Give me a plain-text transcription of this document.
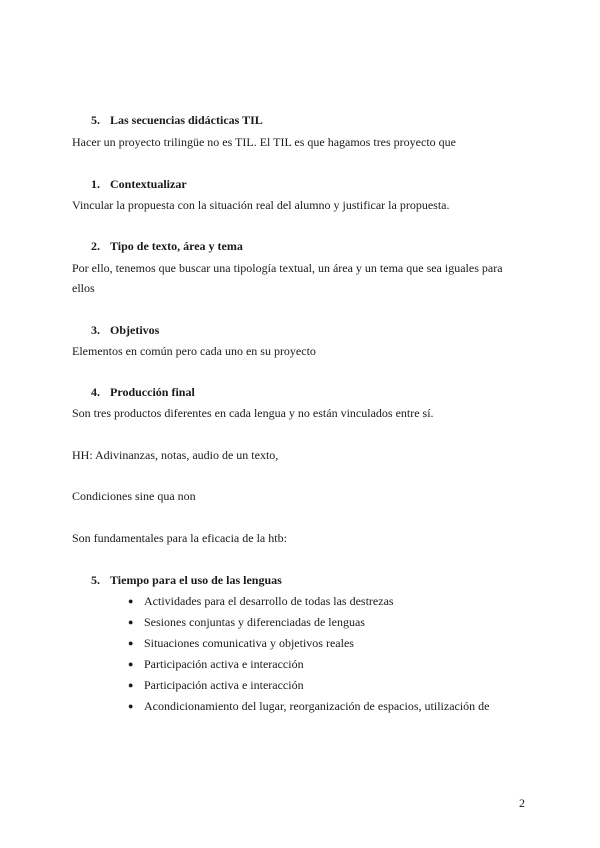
5. Las secuencias didácticas TIL
Hacer un proyecto trilingüe no es TIL. El TIL es que hagamos tres proyecto que
1. Contextualizar
Vincular la propuesta con la situación real del alumno y justificar la propuesta.
2. Tipo de texto, área y tema
Por ello, tenemos que buscar una tipología textual, un área y un tema que sea iguales para
ellos
3. Objetivos
Elementos en común pero cada uno en su proyecto
4. Producción final
Son tres productos diferentes en cada lengua y no están vinculados entre sí.
HH: Adivinanzas, notas, audio de un texto,
Condiciones sine qua non
Son fundamentales para la eficacia de la htb:
5. Tiempo para el uso de las lenguas
● Actividades para el desarrollo de todas las destrezas
● Sesiones conjuntas y diferenciadas de lenguas
● Situaciones comunicativa y objetivos reales
● Participación activa e interacción
● Participación activa e interacción
● Acondicionamiento del lugar, reorganización de espacios, utilización de
2
